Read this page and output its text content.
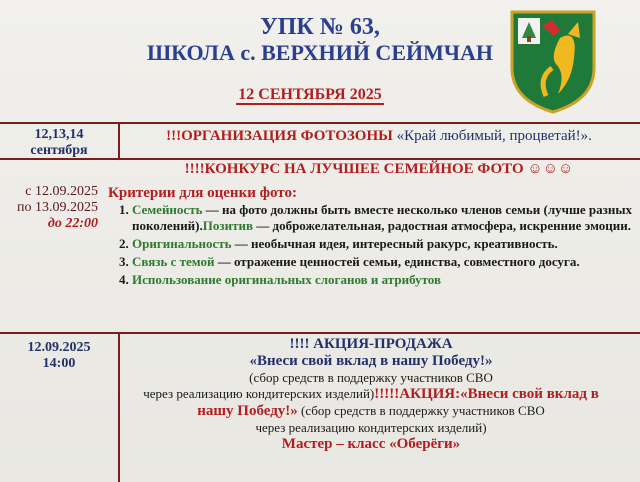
УПК № 63,
ШКОЛА с. ВЕРХНИЙ СЕЙМЧАН
12 СЕНТЯБРЯ 2025
12,13,14
сентября
!!!ОРГАНИЗАЦИЯ ФОТОЗОНЫ «Край любимый, процветай!».
с 12.09.2025
по 13.09.2025
до 22:00
!!!!КОНКУРС НА ЛУЧШЕЕ СЕМЕЙНОЕ ФОТО ☺☺☺
Критерии для оценки фото:
1. Семейность — на фото должны быть вместе несколько членов семьи (лучше разных поколений).Позитив — доброжелательная, радостная атмосфера, искренние эмоции.
2. Оригинальность — необычная идея, интересный ракурс, креативность.
3. Связь с темой — отражение ценностей семьи, единства, совместного досуга.
4. Использование оригинальных слоганов и атрибутов
12.09.2025
14:00
!!!! АКЦИЯ-ПРОДАЖА
«Внеси свой вклад в нашу Победу!»
(сбор средств в поддержку участников СВО
через реализацию кондитерских изделий)!!!!!АКЦИЯ:«Внеси свой вклад в
нашу Победу!» (сбор средств в поддержку участников СВО
через реализацию кондитерских изделий)
Мастер – класс «Оберёги»
